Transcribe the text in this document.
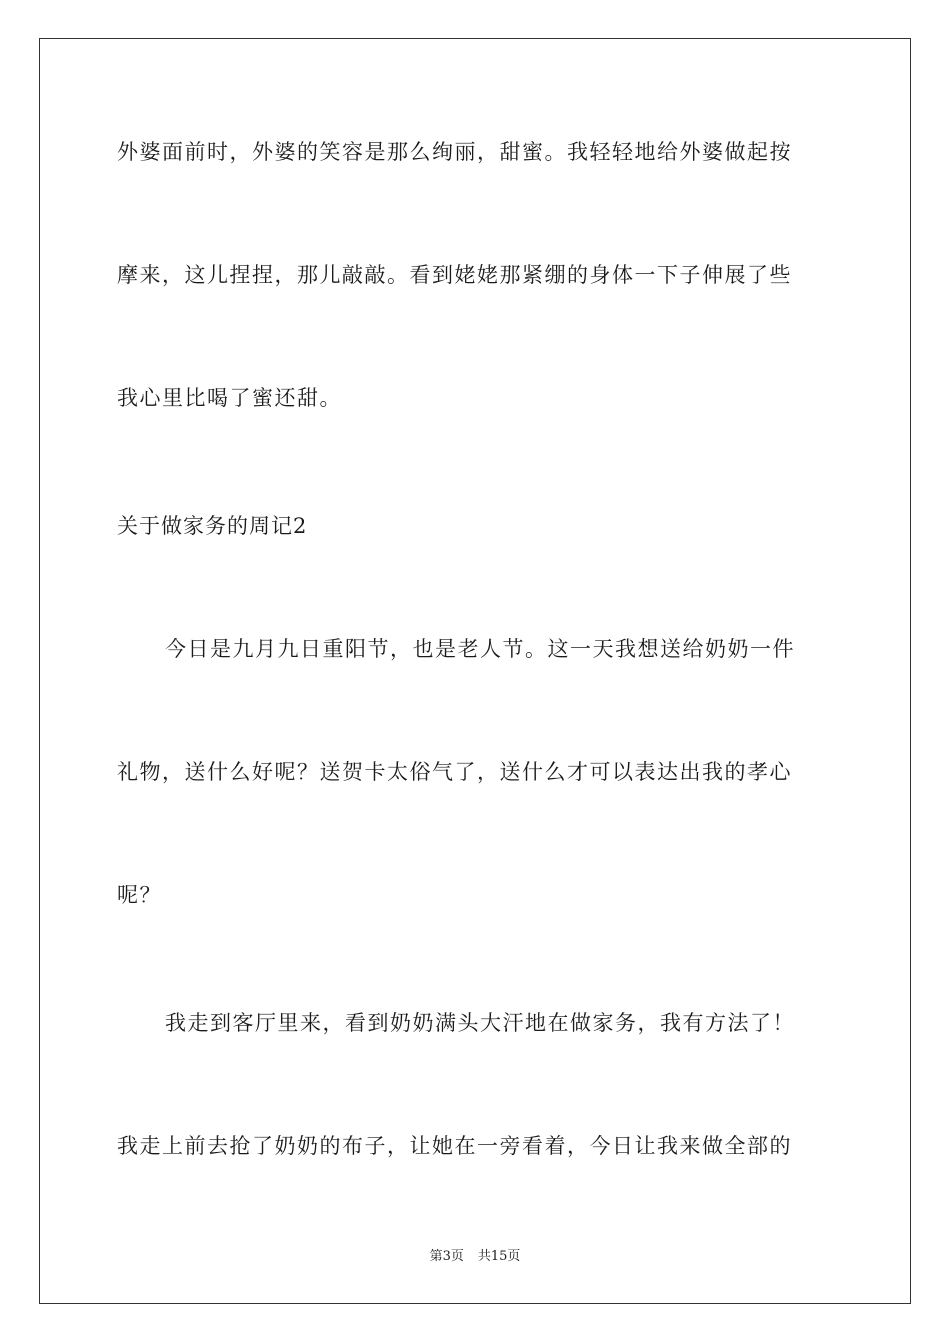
外婆面前时，外婆的笑容是那么绚丽，甜蜜。我轻轻地给外婆做起按
摩来，这儿捏捏，那儿敲敲。看到姥姥那紧绷的身体一下子伸展了些
我心里比喝了蜜还甜。
关于做家务的周记2
今日是九月九日重阳节，也是老人节。这一天我想送给奶奶一件
礼物，送什么好呢？送贺卡太俗气了，送什么才可以表达出我的孝心
呢？
我走到客厅里来，看到奶奶满头大汗地在做家务，我有方法了！
我走上前去抢了奶奶的布子，让她在一旁看着，今日让我来做全部的
第3页 共15页
